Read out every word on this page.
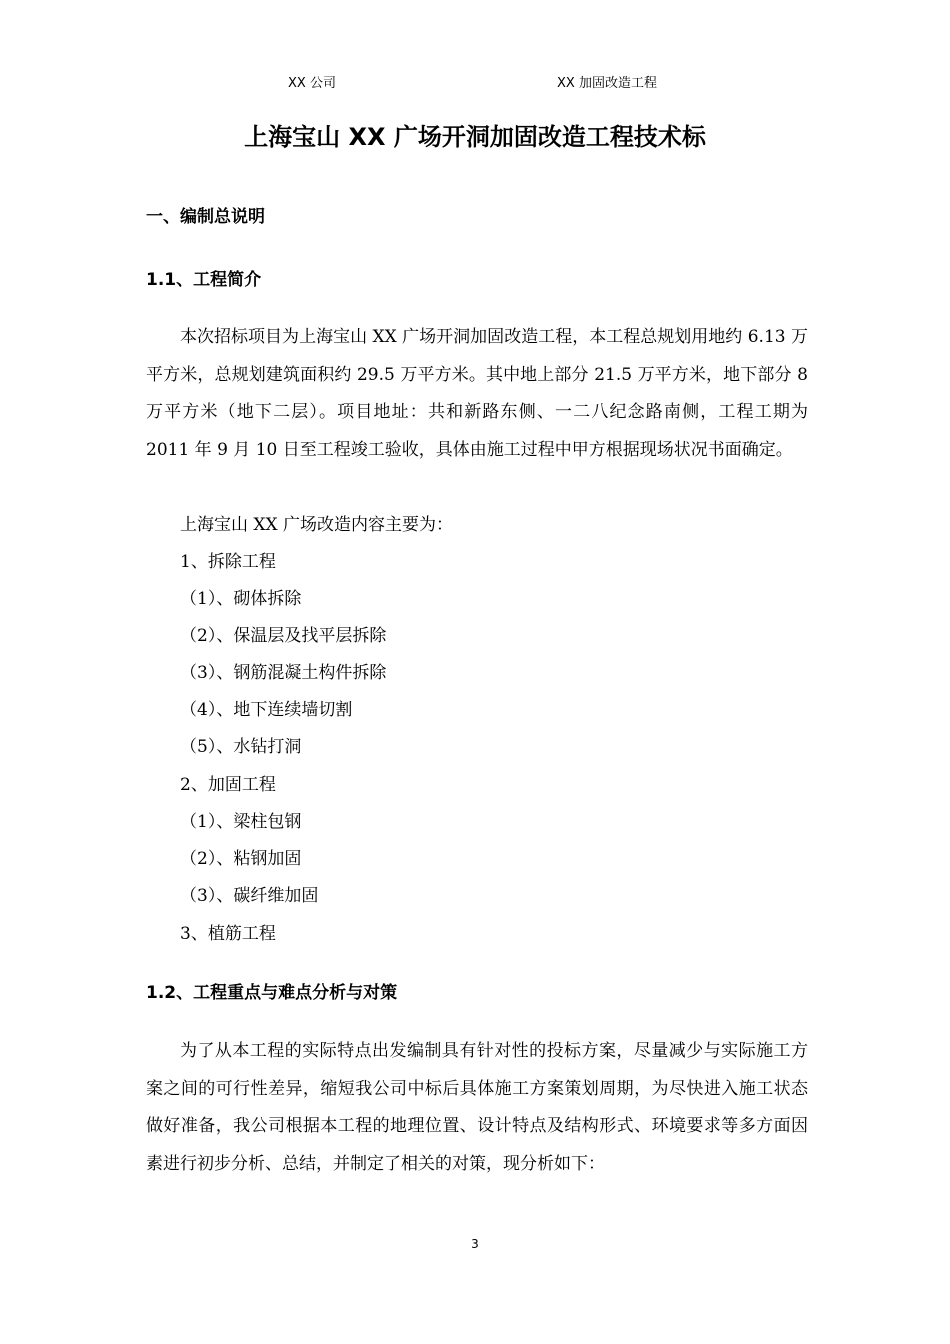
XX 公司	XX 加固改造工程
上海宝山 XX 广场开洞加固改造工程技术标
一、编制总说明
1.1、工程简介

本次招标项目为上海宝山 XX 广场开洞加固改造工程，本工程总规划用地约 6.13 万平方米，总规划建筑面积约 29.5 万平方米。其中地上部分 21.5 万平方米，地下部分 8 万平方米（地下二层）。项目地址：共和新路东侧、一二八纪念路南侧，工程工期为 2011 年 9 月 10 日至工程竣工验收，具体由施工过程中甲方根据现场状况书面确定。

上海宝山 XX 广场改造内容主要为：
1、拆除工程
（1）、砌体拆除
（2）、保温层及找平层拆除
（3）、钢筋混凝土构件拆除
（4）、地下连续墙切割
（5）、水钻打洞
2、加固工程
（1）、梁柱包钢
（2）、粘钢加固
（3）、碳纤维加固
3、植筋工程
1.2、工程重点与难点分析与对策

为了从本工程的实际特点出发编制具有针对性的投标方案，尽量减少与实际施工方案之间的可行性差异，缩短我公司中标后具体施工方案策划周期，为尽快进入施工状态做好准备，我公司根据本工程的地理位置、设计特点及结构形式、环境要求等多方面因素进行初步分析、总结，并制定了相关的对策，现分析如下：

3
